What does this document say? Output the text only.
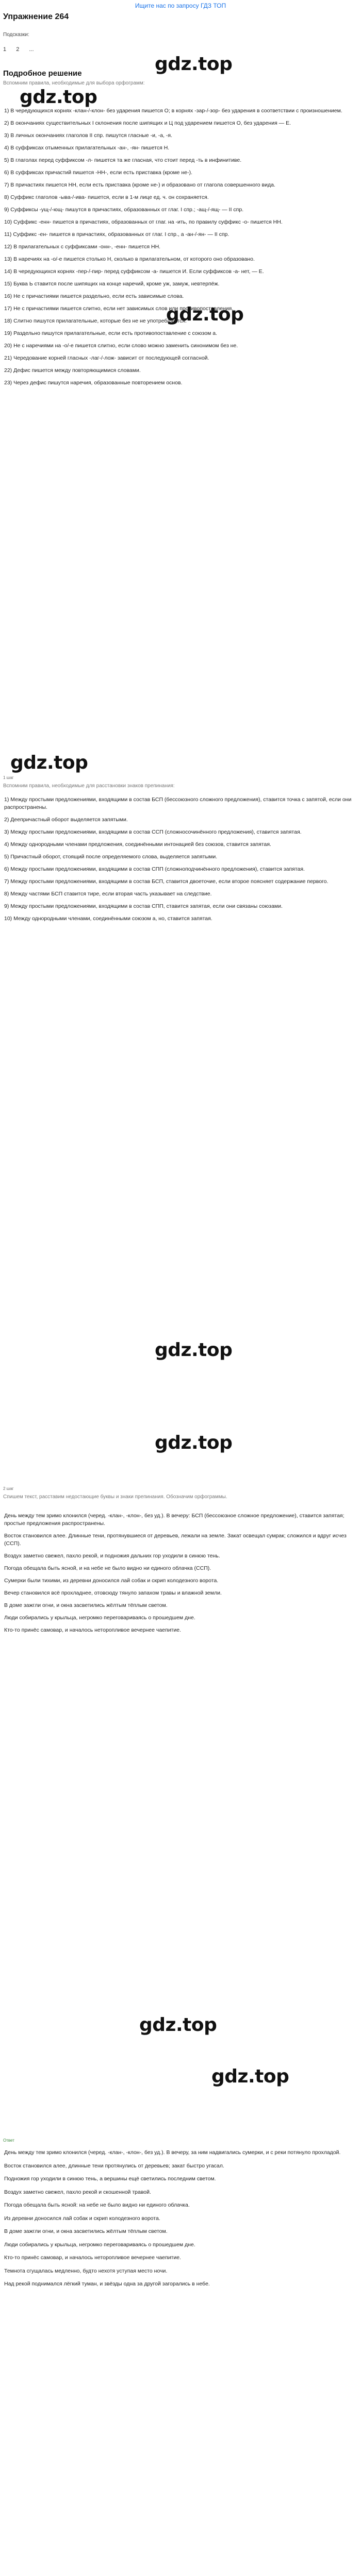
Ищите нас по запросу ГДЗ ТОП
Упражнение 264
Подсказки:
1 2 ...
gdz.top
Подробное решение
Вспомним правила, необходимые для выбора орфограмм:
gdz.top

1) В чередующихся корнях -клан-/-клон- без ударения пишется О; в корнях -зар-/-зор- без ударения в соответствии с произношением.

2) В окончаниях существительных I склонения после шипящих и Ц под ударением пишется О, без ударения — Е.

3) В личных окончаниях глаголов II спр. пишутся гласные -и, -а, -я.

4) В суффиксах отыменных прилагательных -ан-, -ян- пишется Н.

5) В глаголах перед суффиксом -л- пишется та же гласная, что стоит перед -ть в инфинитиве.

6) В суффиксах причастий пишется -НН-, если есть приставка (кроме не-).

7) В причастиях пишется НН, если есть приставка (кроме не-) и образовано от глагола совершенного вида.

8) Суффикс глаголов -ыва-/-ива- пишется, если в 1-м лице ед. ч. он сохраняется.

9) Суффиксы -ущ-/-ющ- пишутся в причастиях, образованных от глаг. I спр.; -ащ-/-ящ- — II спр.

10) Суффикс -енн- пишется в причастиях, образованных от глаг. на -ить, по правилу суффикс -о- пишется НН.

11) Суффикс -ен- пишется в причастиях, образованных от глаг. I спр., а -ан-/-ян- — II спр.

12) В прилагательных с суффиксами -онн-, -енн- пишется НН.

13) В наречиях на -о/-е пишется столько Н, сколько в прилагательном, от которого оно образовано.

14) В чередующихся корнях -пер-/-пир- перед суффиксом -а- пишется И. Если суффиксов -а- нет, — Е.

15) Буква Ь ставится после шипящих на конце наречий, кроме уж, замуж, невтерпёж.

16) Не с причастиями пишется раздельно, если есть зависимые слова.

17) Не с причастиями пишется слитно, если нет зависимых слов или противопоставления.

18) Слитно пишутся прилагательные, которые без не не употребляются.

19) Раздельно пишутся прилагательные, если есть противопоставление с союзом а.

20) Не с наречиями на -о/-е пишется слитно, если слово можно заменить синонимом без не.

21) Чередование корней гласных -лаг-/-лож- зависит от последующей согласной.

22) Дефис пишется между повторяющимися словами.

23) Через дефис пишутся наречия, образованные повторением основ.

gdz.top
gdz.top
gdz.top
1 шаг
Вспомним правила, необходимые для расстановки знаков препинания:

1) Между простыми предложениями, входящими в состав БСП (бессоюзного сложного предложения), ставится точка с запятой, если они распространены.

2) Деепричастный оборот выделяется запятыми.

3) Между простыми предложениями, входящими в состав ССП (сложносочинённого предложения), ставится запятая.

4) Между однородными членами предложения, соединёнными интонацией без союзов, ставится запятая.

5) Причастный оборот, стоящий после определяемого слова, выделяется запятыми.

6) Между простыми предложениями, входящими в состав СПП (сложноподчинённого предложения), ставится запятая.

7) Между простыми предложениями, входящими в состав БСП, ставится двоеточие, если второе поясняет содержание первого.

8) Между частями БСП ставится тире, если вторая часть указывает на следствие.

9) Между простыми предложениями, входящими в состав СПП, ставится запятая, если они связаны союзами.

10) Между однородными членами, соединёнными союзом а, но, ставится запятая.

gdz.top
2 шаг
Спишем текст, расставим недостающие буквы и знаки препинания. Обозначим орфограммы.

День между тем зримо клонился (черед. -клан-, -клон-, без уд.). В вечеру: БСП (бессоюзное сложное предложение), ставится запятая; простые предложения распространены.

Восток становился алее. Длинные тени, протянувшиеся от деревьев, лежали на земле. Закат освещал сумрак; сложился и вдруг исчез (ССП).

Воздух заметно свежел, пахло рекой, и подножия дальних гор уходили в синюю тень.

Погода обещала быть ясной, и на небе не было видно ни единого облачка (ССП).

Сумерки были тихими, из деревни доносился лай собак и скрип колодезного ворота.

Вечер становился всё прохладнее, отовсюду тянуло запахом травы и влажной земли.

В доме зажгли огни, и окна засветились жёлтым тёплым светом.

Люди собирались у крыльца, негромко переговариваясь о прошедшем дне.

Кто-то принёс самовар, и началось неторопливое вечернее чаепитие.

gdz.top
gdz.top
Ответ

День между тем зримо клонился (черед. -клан-, -клон-, без уд.). В вечеру, за ним надвигались сумерки, и с реки потянуло прохладой.

Восток становился алее, длинные тени протянулись от деревьев; закат быстро угасал.

Подножия гор уходили в синюю тень, а вершины ещё светились последним светом.

Воздух заметно свежел, пахло рекой и скошенной травой.

Погода обещала быть ясной: на небе не было видно ни единого облачка.

Из деревни доносился лай собак и скрип колодезного ворота.

В доме зажгли огни, и окна засветились жёлтым тёплым светом.

Люди собирались у крыльца, негромко переговариваясь о прошедшем дне.

Кто-то принёс самовар, и началось неторопливое вечернее чаепитие.

Темнота сгущалась медленно, будто нехотя уступая место ночи.

Над рекой поднимался лёгкий туман, и звёзды одна за другой загорались в небе.
